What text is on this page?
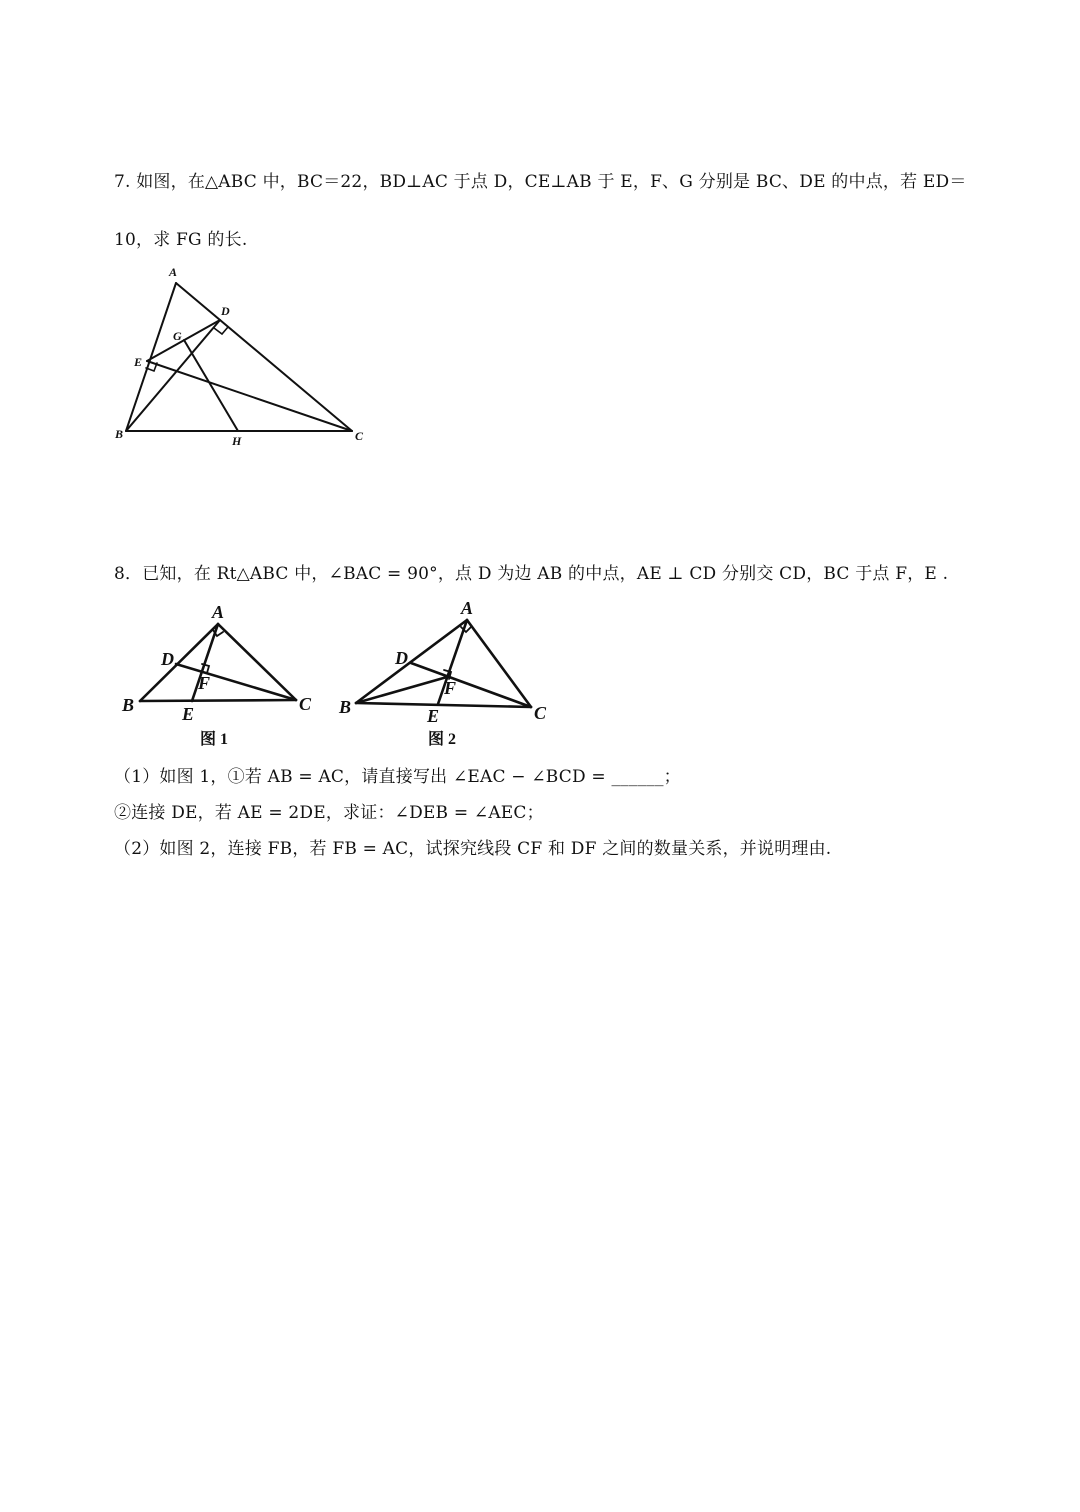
7. 如图，在△ABC 中，BC＝22，BD⊥AC 于点 D，CE⊥AB 于 E，F、G 分别是 BC、DE 的中点，若 ED＝
10，求 FG 的长.
A
D
G
E
B	H	C
8．已知，在 Rt△ABC 中，∠BAC = 90°，点 D 为边 AB 的中点，AE ⊥ CD 分别交 CD，BC 于点 F，E .
A
D
F
B	E	C
图 1
A
D
F
B	E	C
图 2
（1）如图 1，①若 AB = AC，请直接写出 ∠EAC − ∠BCD = ______；
②连接 DE，若 AE = 2DE，求证：∠DEB = ∠AEC；
（2）如图 2，连接 FB，若 FB = AC，试探究线段 CF 和 DF 之间的数量关系，并说明理由.
